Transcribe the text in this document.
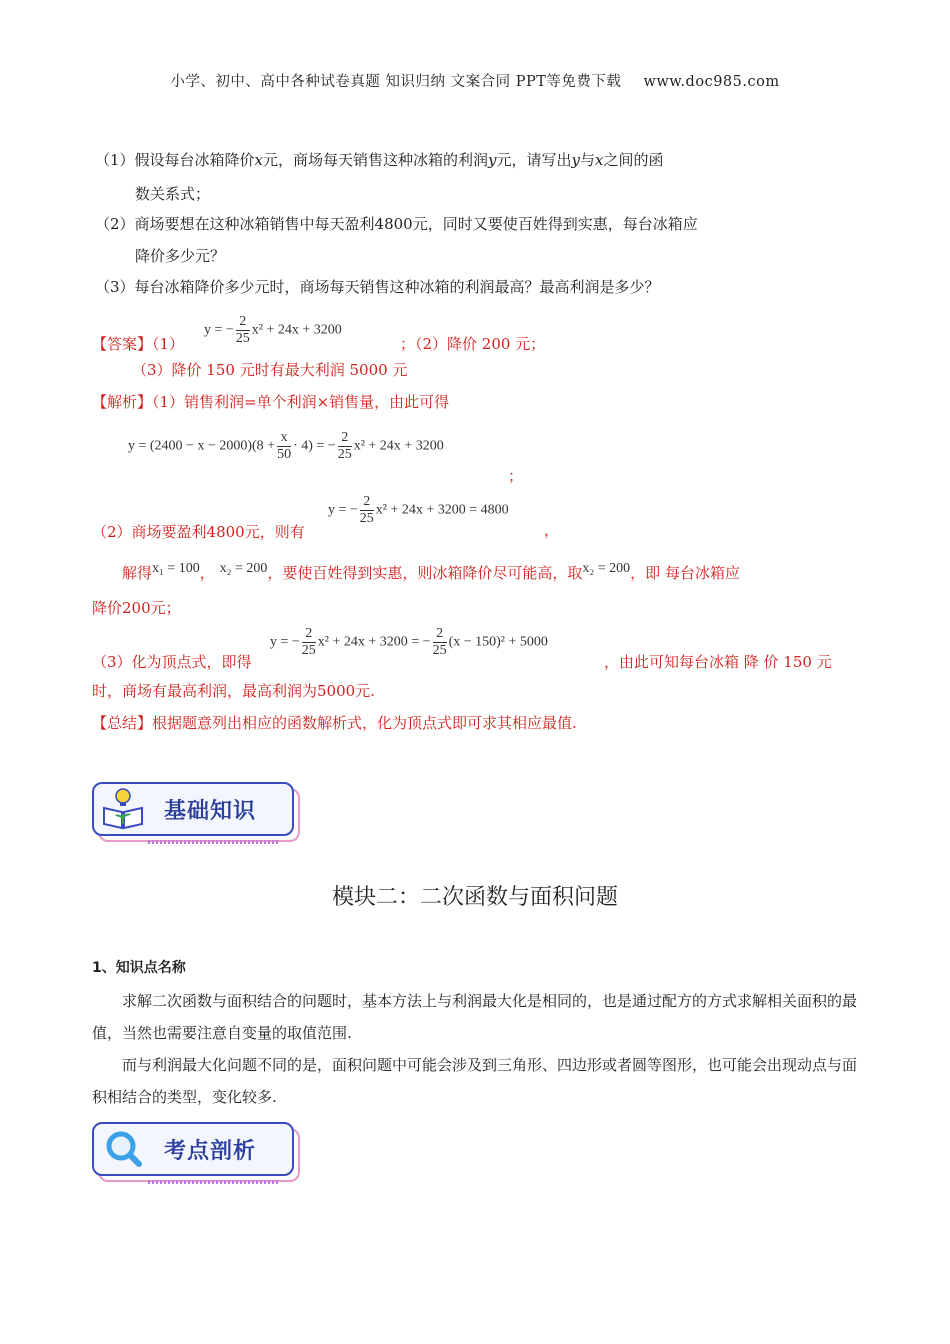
小学、初中、高中各种试卷真题 知识归纳 文案合同 PPT等免费下载 www.doc985.com
（1）假设每台冰箱降价x元，商场每天销售这种冰箱的利润y元，请写出y与x之间的函
数关系式；
（2）商场要想在这种冰箱销售中每天盈利4800元，同时又要使百姓得到实惠，每台冰箱应
降价多少元？
（3）每台冰箱降价多少元时，商场每天销售这种冰箱的利润最高？最高利润是多少？
【答案】（1）
y = − $\frac{2}{25} x^2 + 24x + 3200$
；（2）降价 200 元；
（3）降价 150 元时有最大利润 5000 元
【解析】（1）销售利润=单个利润×销售量，由此可得
$y = (2400 - x - 2000)(8 + \frac{x}{50} \cdot 4)$ = − $\frac{2}{25} x^2 + 24x + 3200$
；
（2）商场要盈利4800元，则有
y = − $\frac{2}{25} x^2 + 24x + 3200 = 4800$
，
解得x₁ = 100， x₂ = 200，要使百姓得到实惠，则冰箱降价尽可能高，取x₂ = 200，即 每台冰箱应
降价200元；
（3）化为顶点式，即得
y = − $\frac{2}{25} x^2 + 24x + 3200$ = − $\frac{2}{25} (x - 150)^2 + 5000$
，由此可知每台冰箱 降 价 150 元
时，商场有最高利润，最高利润为5000元.
【总结】根据题意列出相应的函数解析式，化为顶点式即可求其相应最值.
基础知识
模块二：二次函数与面积问题
1、知识点名称
求解二次函数与面积结合的问题时，基本方法上与利润最大化是相同的，也是通过配方的方式求解相关面积的最值，当然也需要注意自变量的取值范围.
而与利润最大化问题不同的是，面积问题中可能会涉及到三角形、四边形或者圆等图形，也可能会出现动点与面积相结合的类型，变化较多.
考点剖析
